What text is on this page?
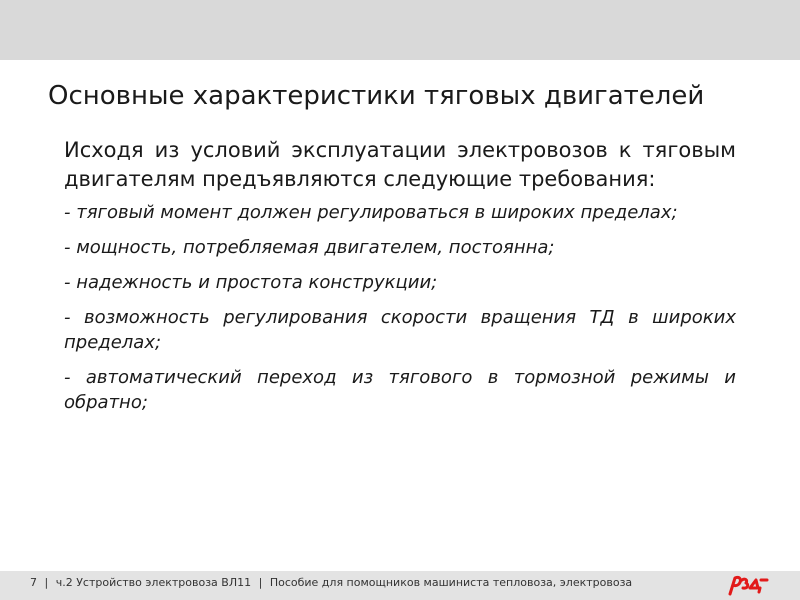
Основные характеристики тяговых двигателей

Исходя из условий эксплуатации электровозов к тяговым двигателям предъявляются следующие требования:

- тяговый момент должен регулироваться в широких пределах;
- мощность, потребляемая двигателем, постоянна;
- надежность и простота конструкции;
- возможность регулирования скорости вращения ТД в широких пределах;
- автоматический переход из тягового в тормозной режимы и обратно;
7 | ч.2 Устройство электровоза ВЛ11 | Пособие для помощников машиниста тепловоза, электровоза
